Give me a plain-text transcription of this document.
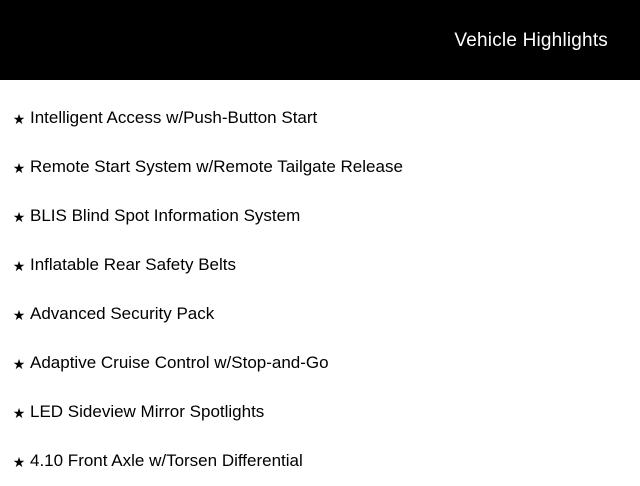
Vehicle Highlights
★ Intelligent Access w/Push-Button Start
★ Remote Start System w/Remote Tailgate Release
★ BLIS Blind Spot Information System
★ Inflatable Rear Safety Belts
★ Advanced Security Pack
★ Adaptive Cruise Control w/Stop-and-Go
★ LED Sideview Mirror Spotlights
★ 4.10 Front Axle w/Torsen Differential
